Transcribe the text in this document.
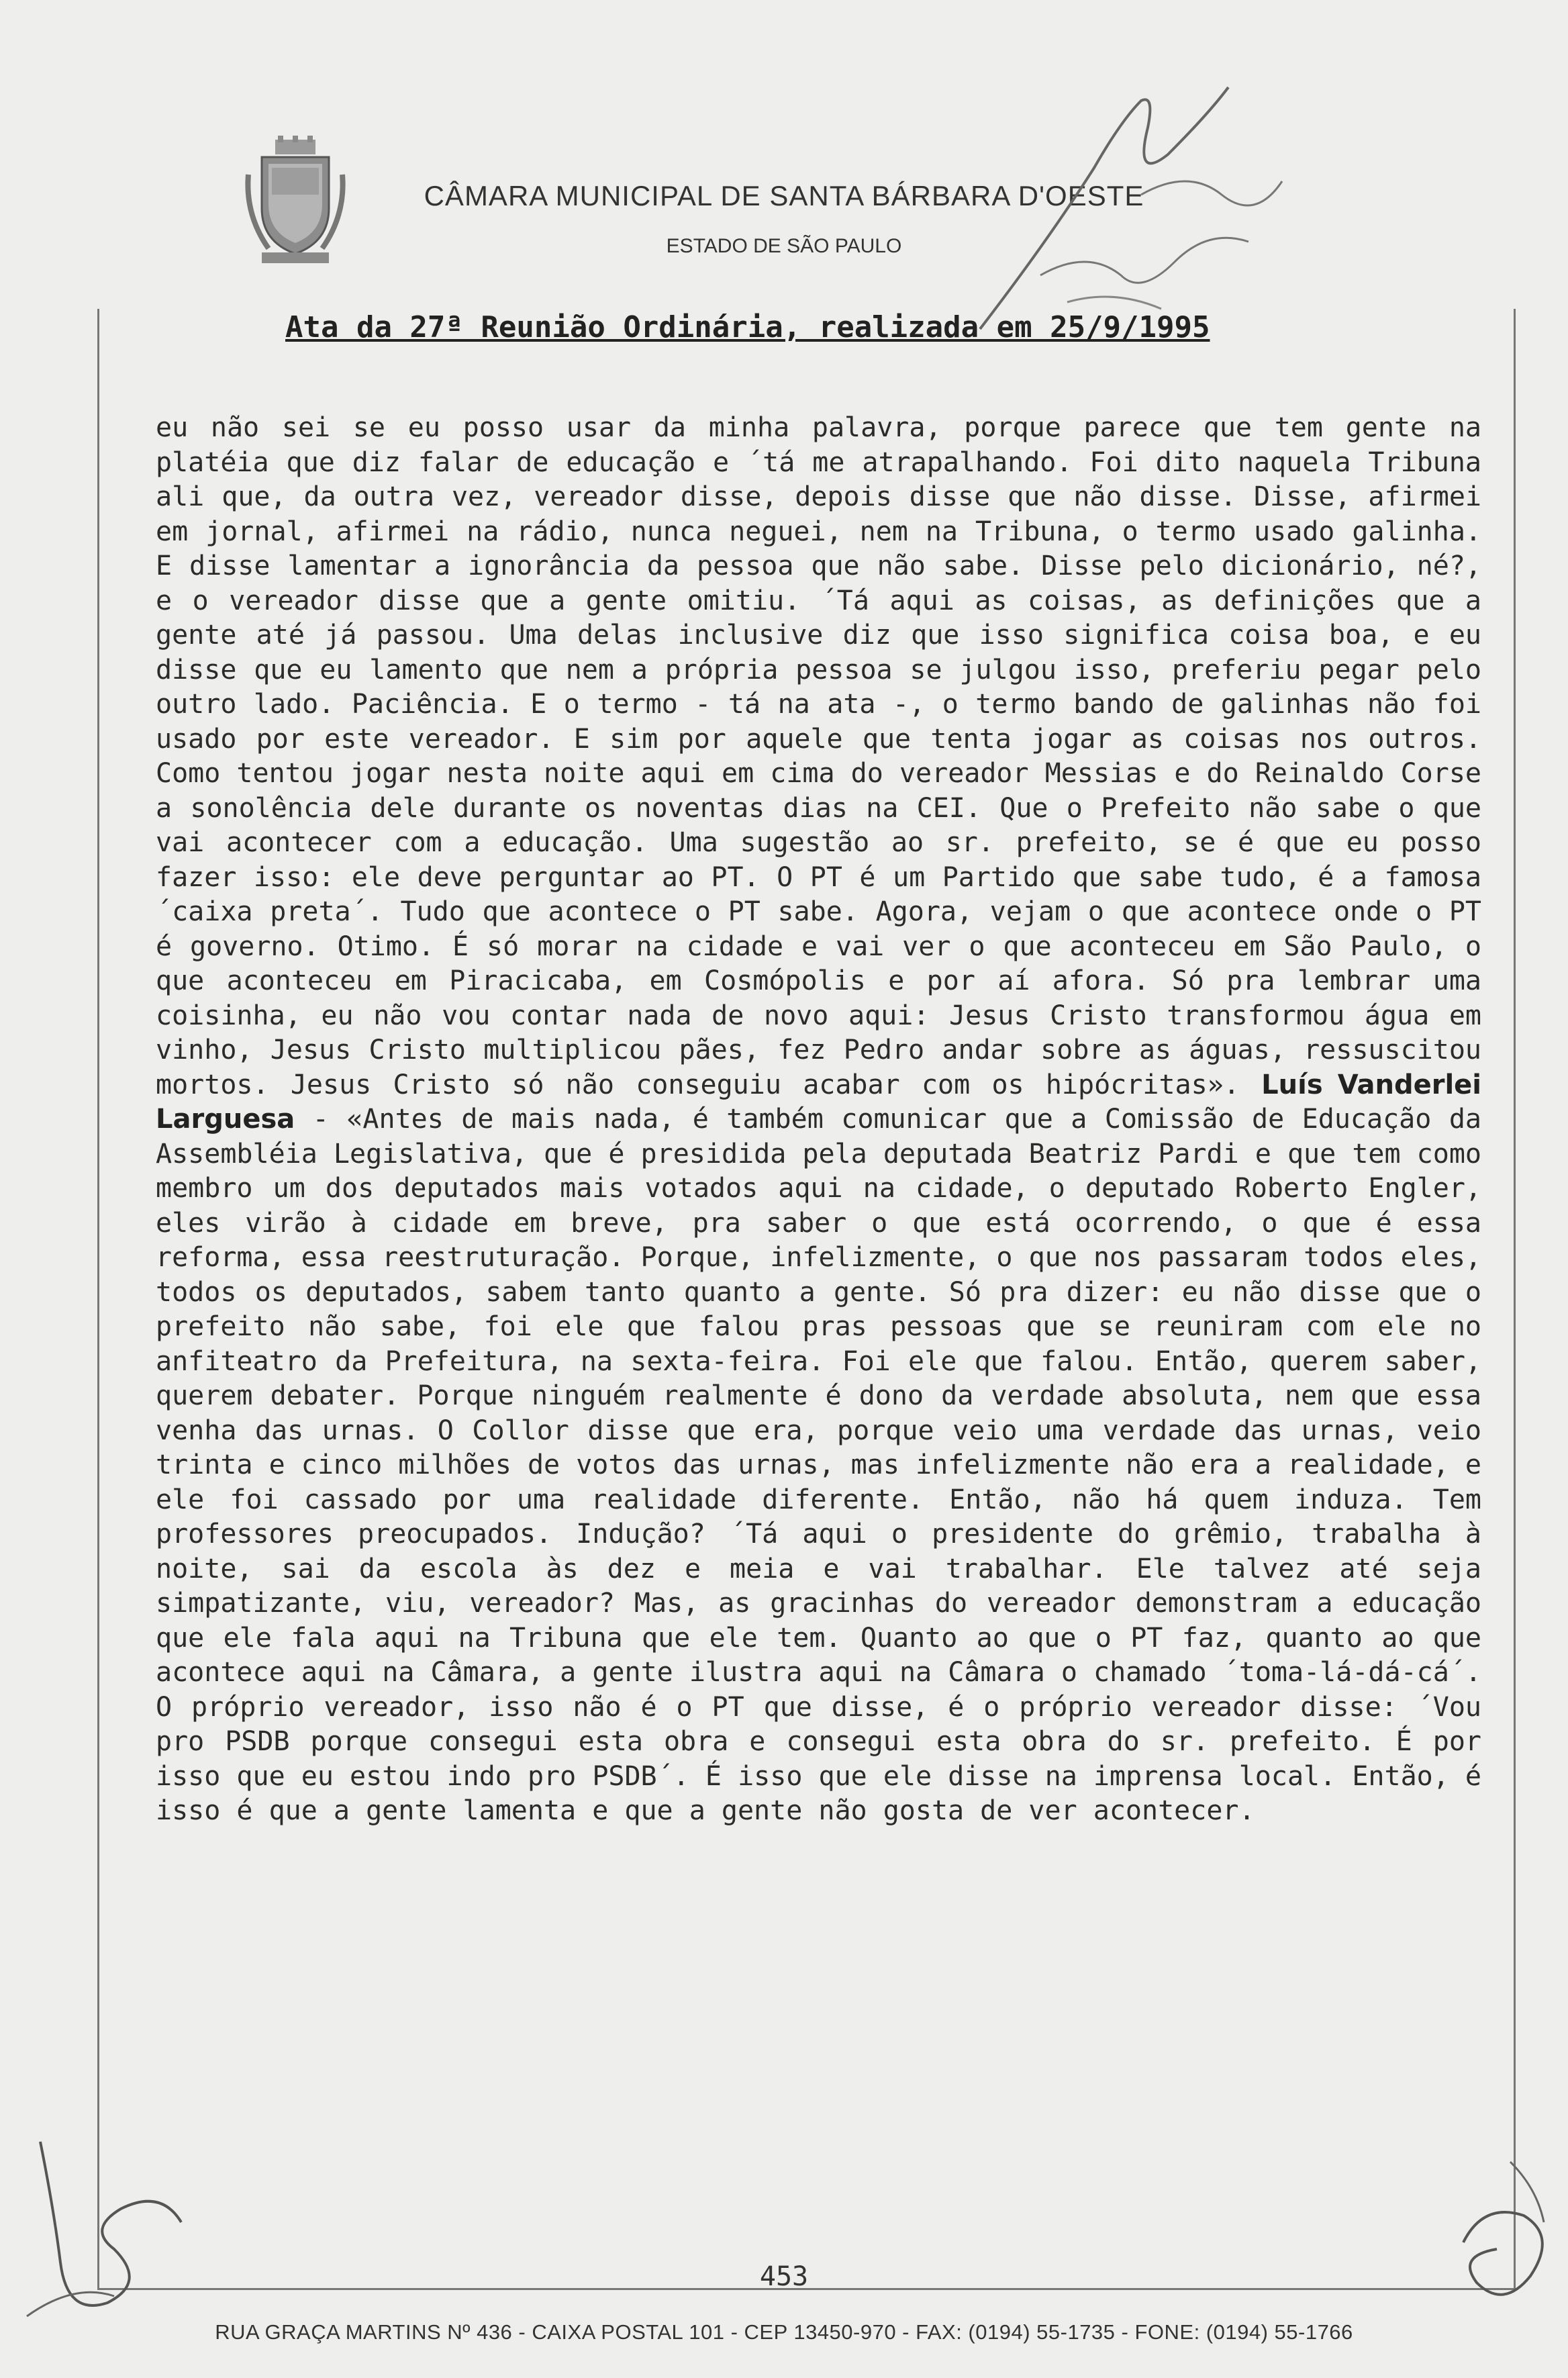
CÂMARA MUNICIPAL DE SANTA BÁRBARA D'OESTE
ESTADO DE SÃO PAULO
Ata da 27ª Reunião Ordinária, realizada em 25/9/1995
eu não sei se eu posso usar da minha palavra, porque parece que tem gente na platéia que diz falar de educação e ´tá me atrapalhando. Foi dito naquela Tribuna ali que, da outra vez, vereador disse, depois disse que não disse. Disse, afirmei em jornal, afirmei na rádio, nunca neguei, nem na Tribuna, o termo usado galinha. E disse lamentar a ignorância da pessoa que não sabe. Disse pelo dicionário, né?, e o vereador disse que a gente omitiu. ´Tá aqui as coisas, as definições que a gente até já passou. Uma delas inclusive diz que isso significa coisa boa, e eu disse que eu lamento que nem a própria pessoa se julgou isso, preferiu pegar pelo outro lado. Paciência. E o termo - tá na ata -, o termo bando de galinhas não foi usado por este vereador. E sim por aquele que tenta jogar as coisas nos outros. Como tentou jogar nesta noite aqui em cima do vereador Messias e do Reinaldo Corse a sonolência dele durante os noventas dias na CEI. Que o Prefeito não sabe o que vai acontecer com a educação. Uma sugestão ao sr. prefeito, se é que eu posso fazer isso: ele deve perguntar ao PT. O PT é um Partido que sabe tudo, é a famosa ´caixa preta´. Tudo que acontece o PT sabe. Agora, vejam o que acontece onde o PT é governo. Otimo. É só morar na cidade e vai ver o que aconteceu em São Paulo, o que aconteceu em Piracicaba, em Cosmópolis e por aí afora. Só pra lembrar uma coisinha, eu não vou contar nada de novo aqui: Jesus Cristo transformou água em vinho, Jesus Cristo multiplicou pães, fez Pedro andar sobre as águas, ressuscitou mortos. Jesus Cristo só não conseguiu acabar com os hipócritas». Luís Vanderlei Larguesa - «Antes de mais nada, é também comunicar que a Comissão de Educação da Assembléia Legislativa, que é presidida pela deputada Beatriz Pardi e que tem como membro um dos deputados mais votados aqui na cidade, o deputado Roberto Engler, eles virão à cidade em breve, pra saber o que está ocorrendo, o que é essa reforma, essa reestruturação. Porque, infelizmente, o que nos passaram todos eles, todos os deputados, sabem tanto quanto a gente. Só pra dizer: eu não disse que o prefeito não sabe, foi ele que falou pras pessoas que se reuniram com ele no anfiteatro da Prefeitura, na sexta-feira. Foi ele que falou. Então, querem saber, querem debater. Porque ninguém realmente é dono da verdade absoluta, nem que essa venha das urnas. O Collor disse que era, porque veio uma verdade das urnas, veio trinta e cinco milhões de votos das urnas, mas infelizmente não era a realidade, e ele foi cassado por uma realidade diferente. Então, não há quem induza. Tem professores preocupados. Indução? ´Tá aqui o presidente do grêmio, trabalha à noite, sai da escola às dez e meia e vai trabalhar. Ele talvez até seja simpatizante, viu, vereador? Mas, as gracinhas do vereador demonstram a educação que ele fala aqui na Tribuna que ele tem. Quanto ao que o PT faz, quanto ao que acontece aqui na Câmara, a gente ilustra aqui na Câmara o chamado ´toma-lá-dá-cá´. O próprio vereador, isso não é o PT que disse, é o próprio vereador disse: ´Vou pro PSDB porque consegui esta obra e consegui esta obra do sr. prefeito. É por isso que eu estou indo pro PSDB´. É isso que ele disse na imprensa local. Então, é isso é que a gente lamenta e que a gente não gosta de ver acontecer.
453
RUA GRAÇA MARTINS Nº 436 - CAIXA POSTAL 101 - CEP 13450-970 - FAX: (0194) 55-1735 - FONE: (0194) 55-1766
